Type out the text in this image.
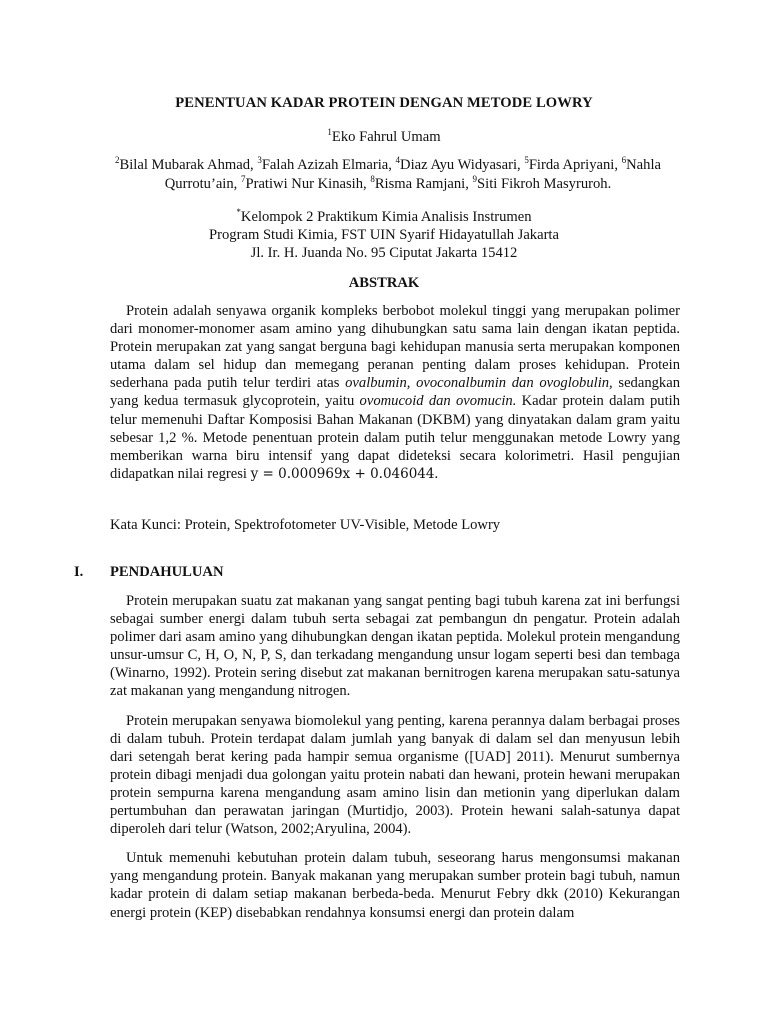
PENENTUAN KADAR PROTEIN DENGAN METODE LOWRY
$^1$Eko Fahrul Umam
$^2$Bilal Mubarak Ahmad, $^3$Falah Azizah Elmaria, $^4$Diaz Ayu Widyasari, $^5$Firda Apriyani, $^6$Nahla Qurrotu’ain, $^7$Pratiwi Nur Kinasih, $^8$Risma Ramjani, $^9$Siti Fikroh Masyruroh.
*Kelompok 2 Praktikum Kimia Analisis Instrumen
Program Studi Kimia, FST UIN Syarif Hidayatullah Jakarta
Jl. Ir. H. Juanda No. 95 Ciputat Jakarta 15412
ABSTRAK

Protein adalah senyawa organik kompleks berbobot molekul tinggi yang merupakan polimer dari monomer-monomer asam amino yang dihubungkan satu sama lain dengan ikatan peptida. Protein merupakan zat yang sangat berguna bagi kehidupan manusia serta merupakan komponen utama dalam sel hidup dan memegang peranan penting dalam proses kehidupan. Protein sederhana pada putih telur terdiri atas ovalbumin, ovoconalbumin dan ovoglobulin, sedangkan yang kedua termasuk glycoprotein, yaitu ovomucoid dan ovomucin. Kadar protein dalam putih telur memenuhi Daftar Komposisi Bahan Makanan (DKBM) yang dinyatakan dalam gram yaitu sebesar 1,2 %. Metode penentuan protein dalam putih telur menggunakan metode Lowry yang memberikan warna biru intensif yang dapat dideteksi secara kolorimetri. Hasil pengujian didapatkan nilai regresi y = 0.000969x + 0.046044.

Kata Kunci: Protein, Spektrofotometer UV-Visible, Metode Lowry
I. PENDAHULUAN

Protein merupakan suatu zat makanan yang sangat penting bagi tubuh karena zat ini berfungsi sebagai sumber energi dalam tubuh serta sebagai zat pembangun dn pengatur. Protein adalah polimer dari asam amino yang dihubungkan dengan ikatan peptida. Molekul protein mengandung unsur-umsur C, H, O, N, P, S, dan terkadang mengandung unsur logam seperti besi dan tembaga (Winarno, 1992). Protein sering disebut zat makanan bernitrogen karena merupakan satu-satunya zat makanan yang mengandung nitrogen.

Protein merupakan senyawa biomolekul yang penting, karena perannya dalam berbagai proses di dalam tubuh. Protein terdapat dalam jumlah yang banyak di dalam sel dan menyusun lebih dari setengah berat kering pada hampir semua organisme ([UAD] 2011). Menurut sumbernya protein dibagi menjadi dua golongan yaitu protein nabati dan hewani, protein hewani merupakan protein sempurna karena mengandung asam amino lisin dan metionin yang diperlukan dalam pertumbuhan dan perawatan jaringan (Murtidjo, 2003). Protein hewani salah-satunya dapat diperoleh dari telur (Watson, 2002;Aryulina, 2004).

Untuk memenuhi kebutuhan protein dalam tubuh, seseorang harus mengonsumsi makanan yang mengandung protein. Banyak makanan yang merupakan sumber protein bagi tubuh, namun kadar protein di dalam setiap makanan berbeda-beda. Menurut Febry dkk (2010) Kekurangan energi protein (KEP) disebabkan rendahnya konsumsi energi dan protein dalam
